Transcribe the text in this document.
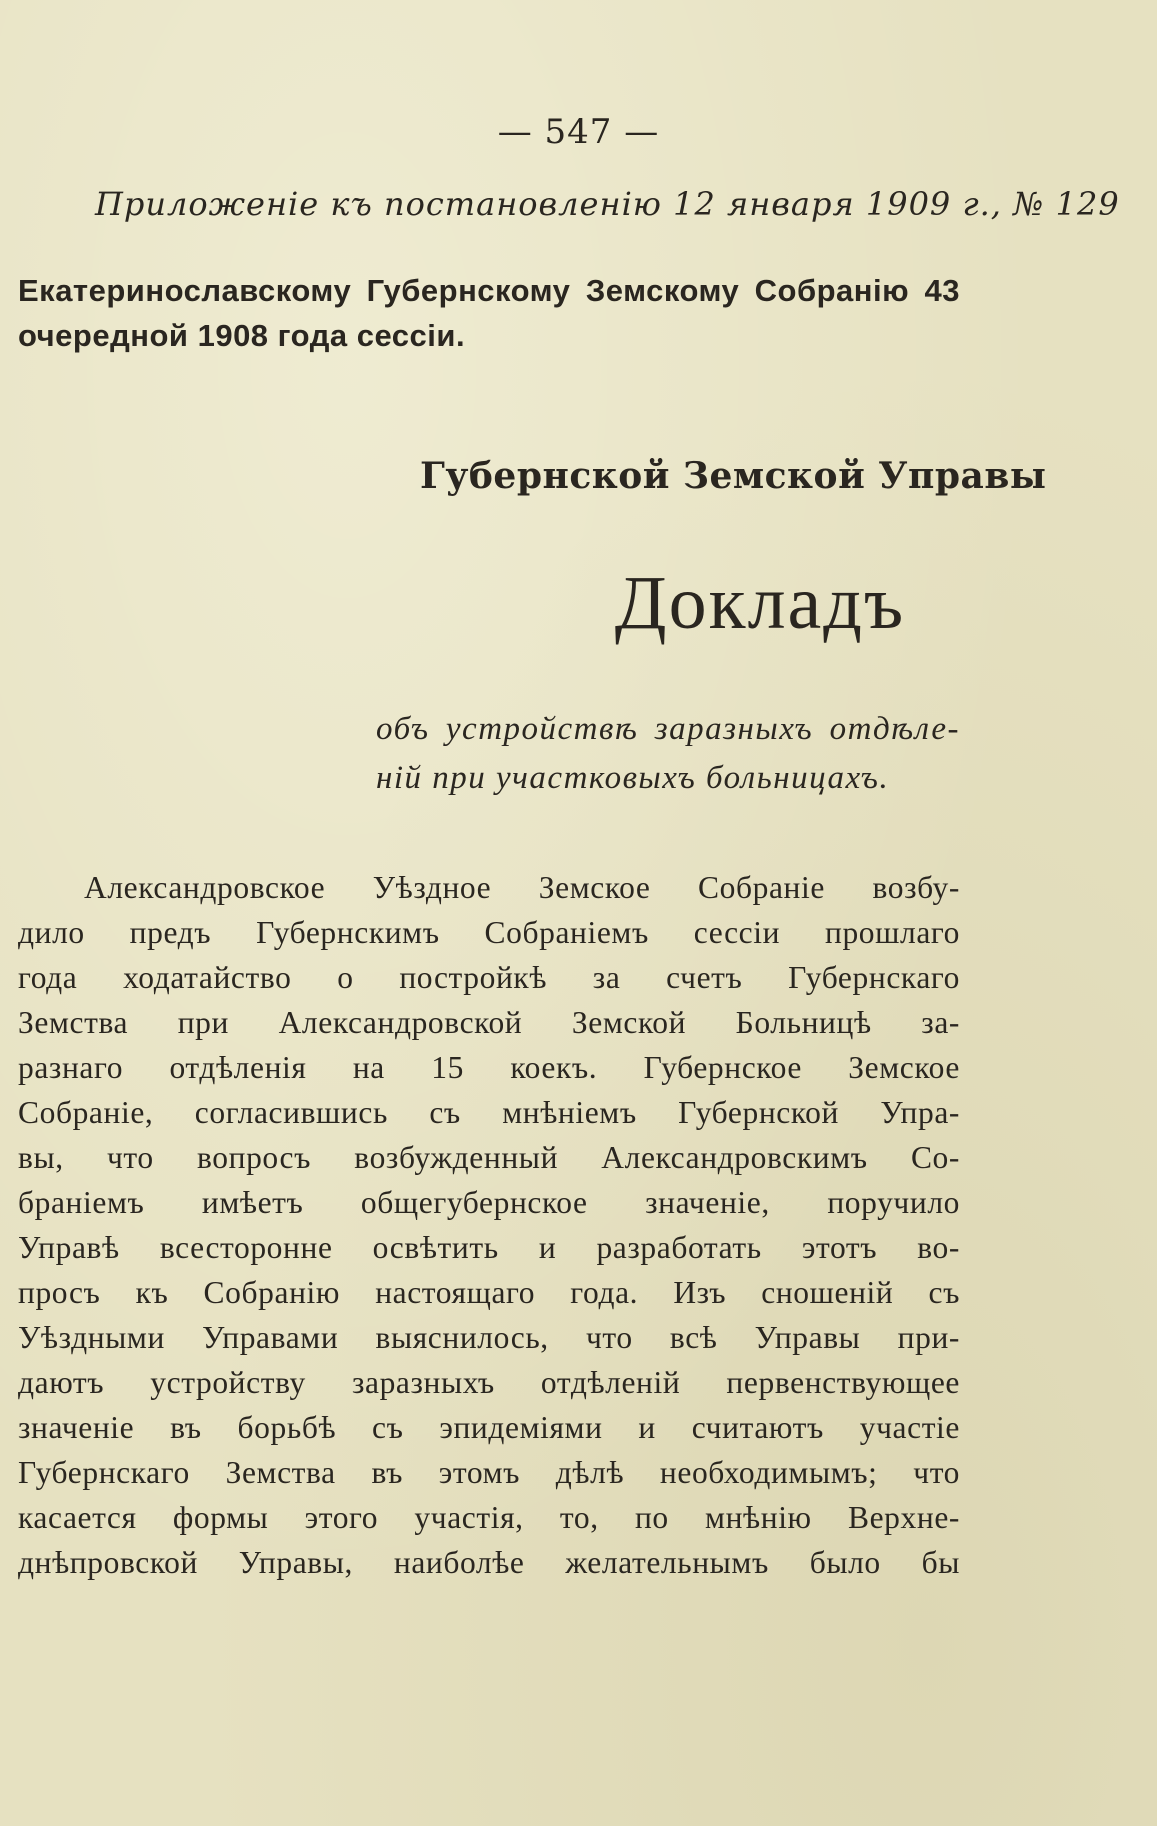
— 547 —
Приложенiе къ постановленiю 12 января 1909 г., № 129
Екатеринославскому Губернскому Земскому Собранiю 43
очередной 1908 года сессiи.
Губернской Земской Управы
Докладъ
объ устройствѣ заразныхъ отдѣле-
нiй при участковыхъ больницахъ.
Александровское Уѣздное Земское Собранiе возбу-
дило предъ Губернскимъ Собранiемъ сессiи прошлаго
года ходатайство о постройкѣ за счетъ Губернскаго
Земства при Александровской Земской Больницѣ за-
разнаго отдѣленiя на 15 коекъ. Губернское Земское
Собранiе, согласившись съ мнѣнiемъ Губернской Упра-
вы, что вопросъ возбужденный Александровскимъ Со-
бранiемъ имѣетъ общегубернское значенiе, поручило
Управѣ всесторонне освѣтить и разработать этотъ во-
просъ къ Собранiю настоящаго года. Изъ сношенiй съ
Уѣздными Управами выяснилось, что всѣ Управы при-
даютъ устройству заразныхъ отдѣленiй первенствующее
значенiе въ борьбѣ съ эпидемiями и считаютъ участiе
Губернскаго Земства въ этомъ дѣлѣ необходимымъ; что
касается формы этого участiя, то, по мнѣнiю Верхне-
днѣпровской Управы, наиболѣе желательнымъ было бы
